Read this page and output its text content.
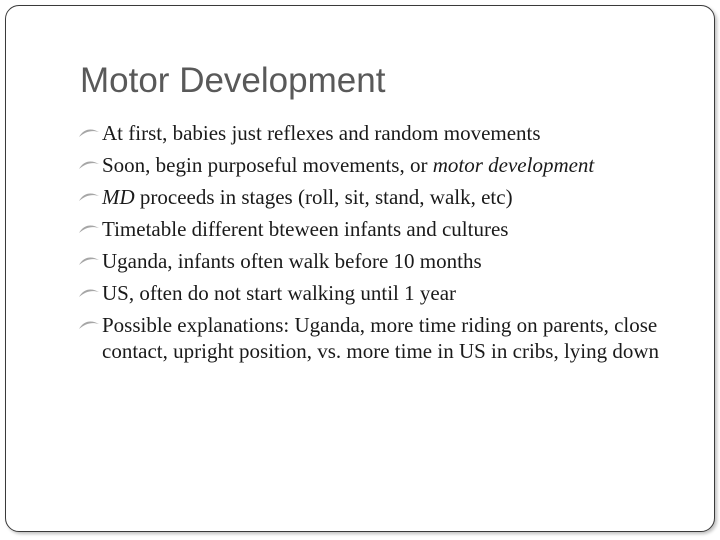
Motor Development
At first, babies just reflexes and random movements
Soon, begin purposeful movements, or motor development
MD proceeds in stages (roll, sit, stand, walk, etc)
Timetable different bteween infants and cultures
Uganda, infants often walk before 10 months
US, often do not start walking until 1 year
Possible explanations: Uganda, more time riding on parents, close contact, upright position, vs. more time in US in cribs, lying down
